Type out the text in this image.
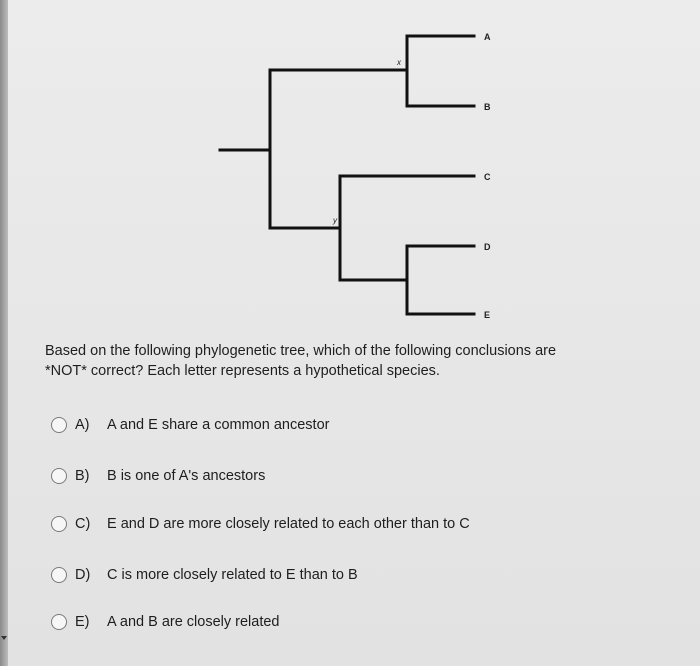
A
B
C
D
E
x
y
Based on the following phylogenetic tree, which of the following conclusions are
*NOT* correct? Each letter represents a hypothetical species.
A)	A and E share a common ancestor
B)	B is one of A's ancestors
C)	E and D are more closely related to each other than to C
D)	C is more closely related to E than to B
E)	A and B are closely related
